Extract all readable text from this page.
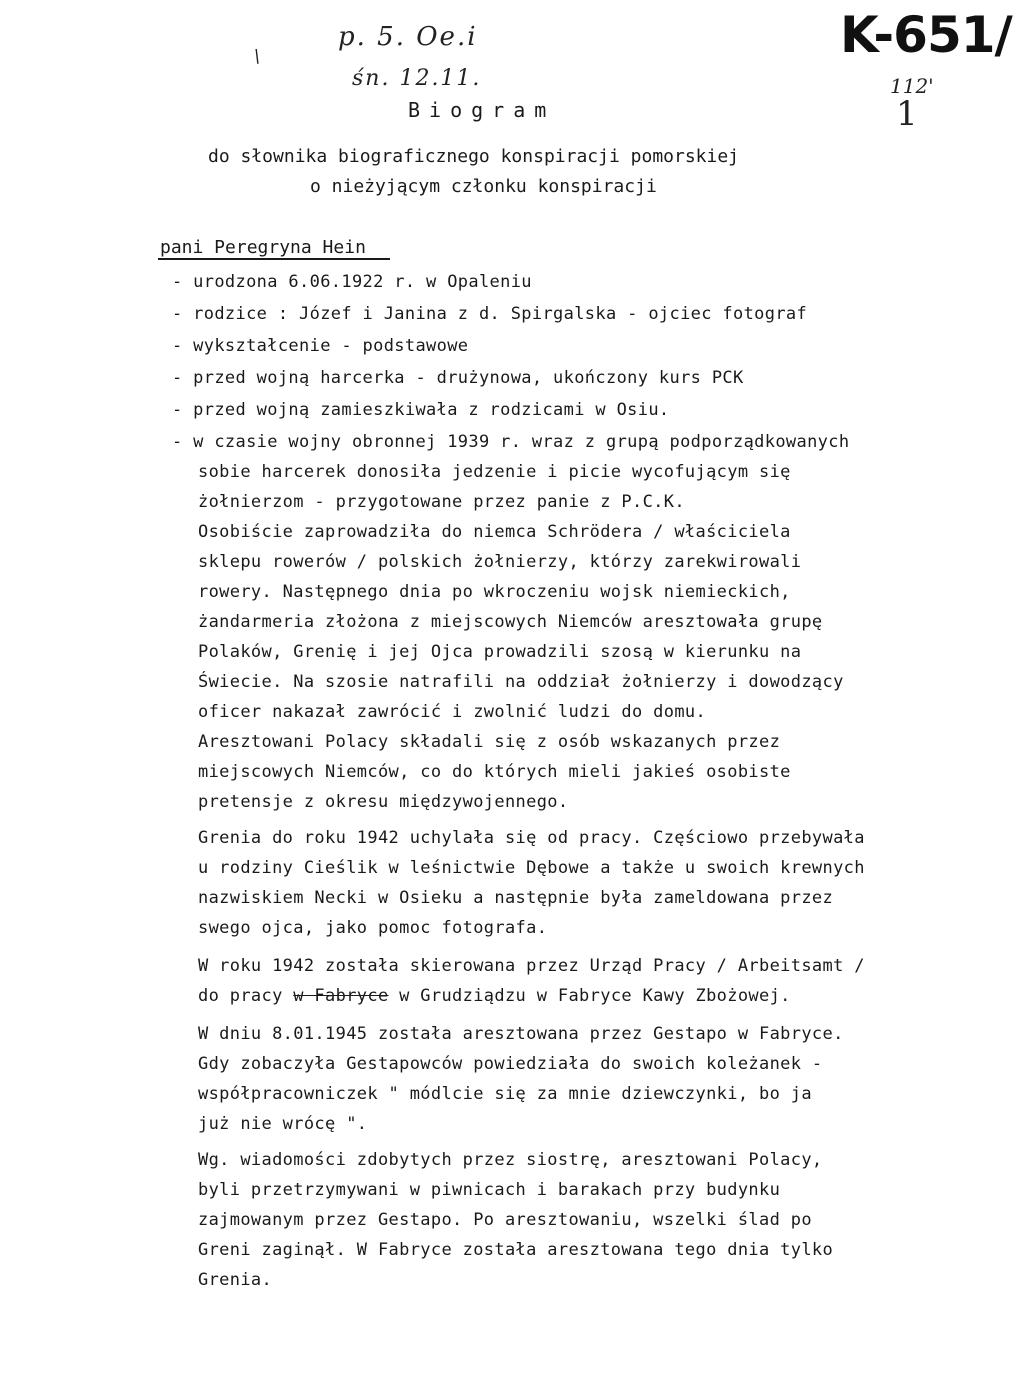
\
p. 5. Oe.i
śn. 12.11.
K-651/
112'
1
Biogram
do słownika biograficznego konspiracji pomorskiej
o nieżyjącym członku konspiracji
pani Peregryna Hein
- urodzona 6.06.1922 r. w Opaleniu
- rodzice : Józef i Janina z d. Spirgalska - ojciec fotograf
- wykształcenie - podstawowe
- przed wojną harcerka - drużynowa, ukończony kurs PCK
- przed wojną zamieszkiwała z rodzicami w Osiu.
- w czasie wojny obronnej 1939 r. wraz z grupą podporządkowanych
sobie harcerek donosiła jedzenie i picie wycofującym się
żołnierzom - przygotowane przez panie z P.C.K.
Osobiście zaprowadziła do niemca Schrödera / właściciela
sklepu rowerów / polskich żołnierzy, którzy zarekwirowali
rowery. Następnego dnia po wkroczeniu wojsk niemieckich,
żandarmeria złożona z miejscowych Niemców aresztowała grupę
Polaków, Grenię i jej Ojca prowadzili szosą w kierunku na
Świecie. Na szosie natrafili na oddział żołnierzy i dowodzący
oficer nakazał zawrócić i zwolnić ludzi do domu.
Aresztowani Polacy składali się z osób wskazanych przez
miejscowych Niemców, co do których mieli jakieś osobiste
pretensje z okresu międzywojennego.
Grenia do roku 1942 uchylała się od pracy. Częściowo przebywała
u rodziny Cieślik w leśnictwie Dębowe a także u swoich krewnych
nazwiskiem Necki w Osieku a następnie była zameldowana przez
swego ojca, jako pomoc fotografa.
W roku 1942 została skierowana przez Urząd Pracy / Arbeitsamt /
do pracy w Fabryce w Grudziądzu w Fabryce Kawy Zbożowej.
W dniu 8.01.1945 została aresztowana przez Gestapo w Fabryce.
Gdy zobaczyła Gestapowców powiedziała do swoich koleżanek -
współpracowniczek " módlcie się za mnie dziewczynki, bo ja
już nie wrócę ".
Wg. wiadomości zdobytych przez siostrę, aresztowani Polacy,
byli przetrzymywani w piwnicach i barakach przy budynku
zajmowanym przez Gestapo. Po aresztowaniu, wszelki ślad po
Greni zaginął. W Fabryce została aresztowana tego dnia tylko
Grenia.
